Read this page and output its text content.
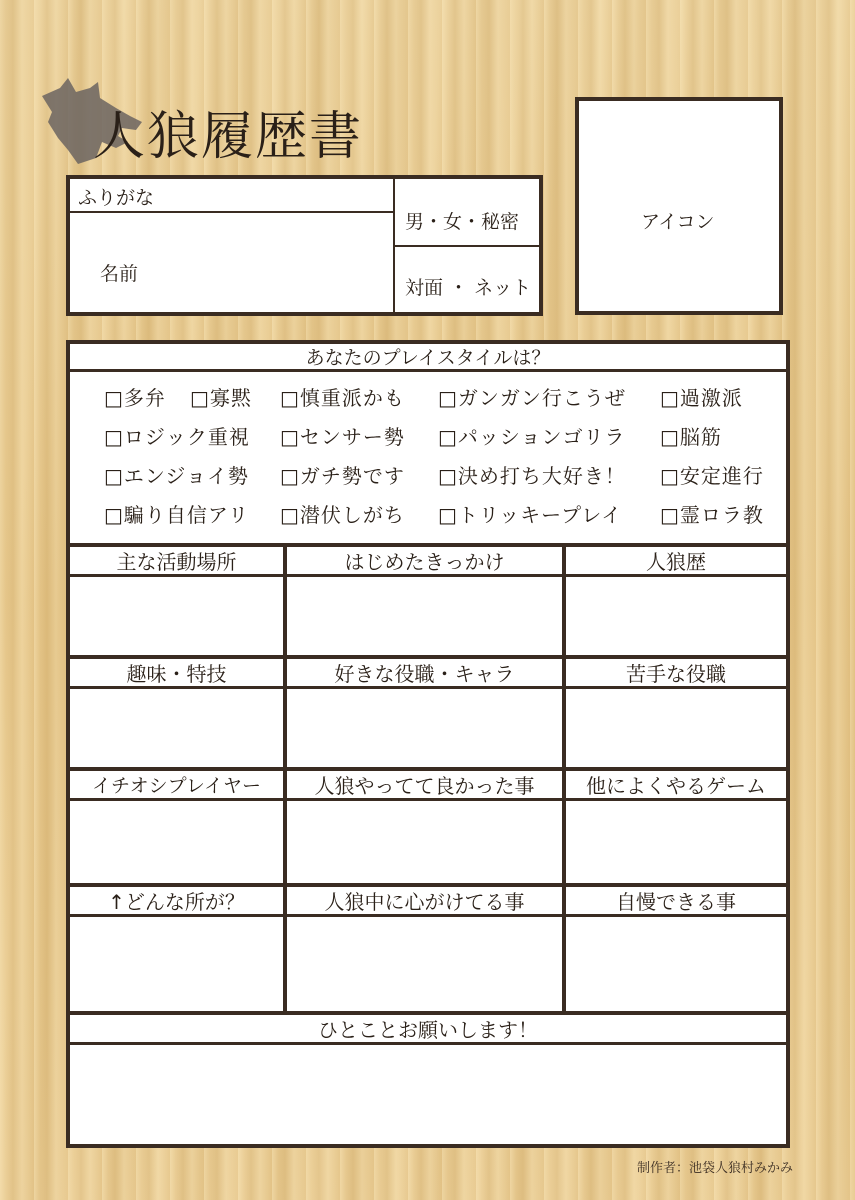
人狼履歴書
ふりがな
名前
男・女・秘密
対面 ・ ネット
アイコン
あなたのプレイスタイルは？
□多弁 □寡黙 □慎重派かも □ガンガン行こうぜ □過激派
□ロジック重視 □センサー勢 □パッションゴリラ □脳筋
□エンジョイ勢 □ガチ勢です □決め打ち大好き！ □安定進行
□騙り自信アリ □潜伏しがち □トリッキープレイ □霊ロラ教
主な活動場所	はじめたきっかけ	人狼歴
趣味・特技	好きな役職・キャラ	苦手な役職
イチオシプレイヤー	人狼やってて良かった事	他によくやるゲーム
↑どんな所が？	人狼中に心がけてる事	自慢できる事
ひとことお願いします！
制作者：池袋人狼村みかみ
